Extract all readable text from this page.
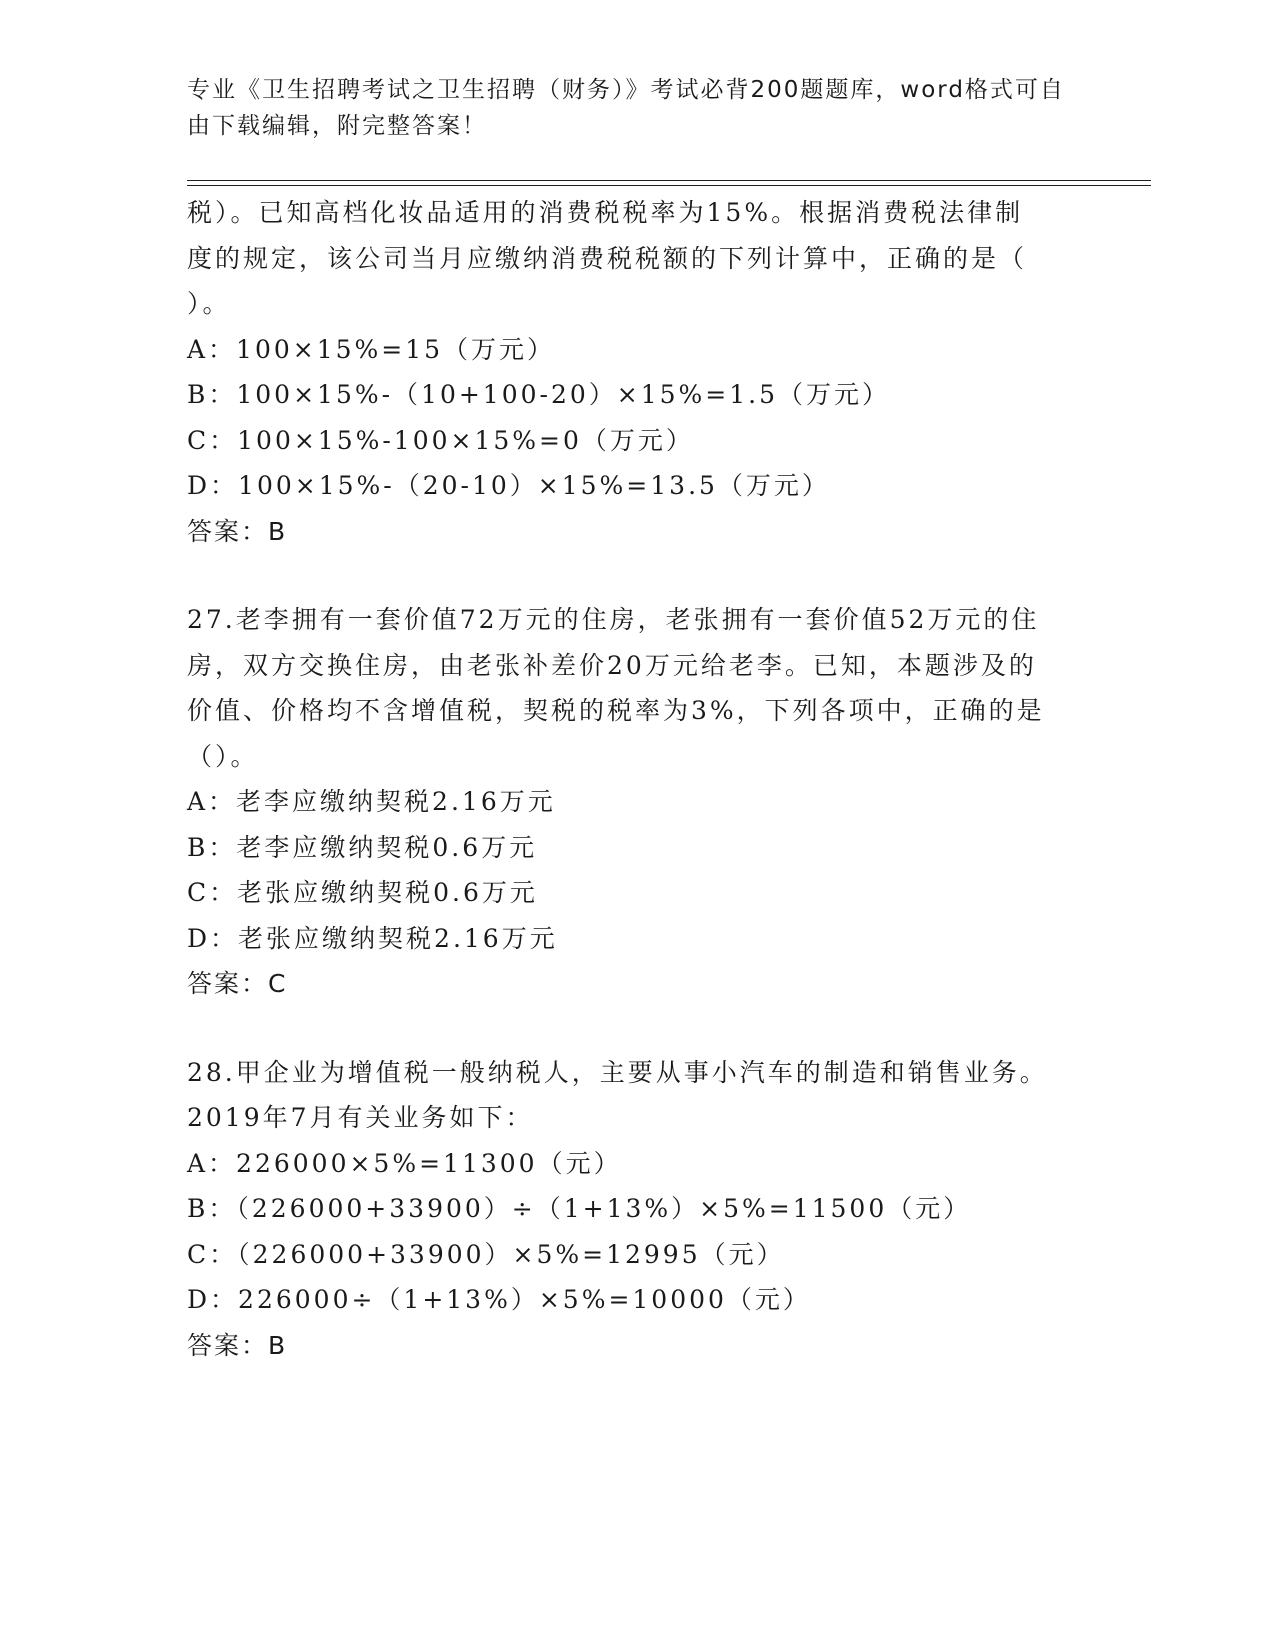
专业《卫生招聘考试之卫生招聘（财务）》考试必背200题题库，word格式可自
由下载编辑，附完整答案！
税）。已知高档化妆品适用的消费税税率为15%。根据消费税法律制
度的规定，该公司当月应缴纳消费税税额的下列计算中，正确的是（
）。
A：100×15%=15（万元）
B：100×15%-（10+100-20）×15%=1.5（万元）
C：100×15%-100×15%=0（万元）
D：100×15%-（20-10）×15%=13.5（万元）
答案：B
27.老李拥有一套价值72万元的住房，老张拥有一套价值52万元的住
房，双方交换住房，由老张补差价20万元给老李。已知，本题涉及的
价值、价格均不含增值税，契税的税率为3%，下列各项中，正确的是
（）。
A：老李应缴纳契税2.16万元
B：老李应缴纳契税0.6万元
C：老张应缴纳契税0.6万元
D：老张应缴纳契税2.16万元
答案：C
28.甲企业为增值税一般纳税人，主要从事小汽车的制造和销售业务。
2019年7月有关业务如下：
A：226000×5%=11300（元）
B：（226000+33900）÷（1+13%）×5%=11500（元）
C：（226000+33900）×5%=12995（元）
D：226000÷（1+13%）×5%=10000（元）
答案：B
